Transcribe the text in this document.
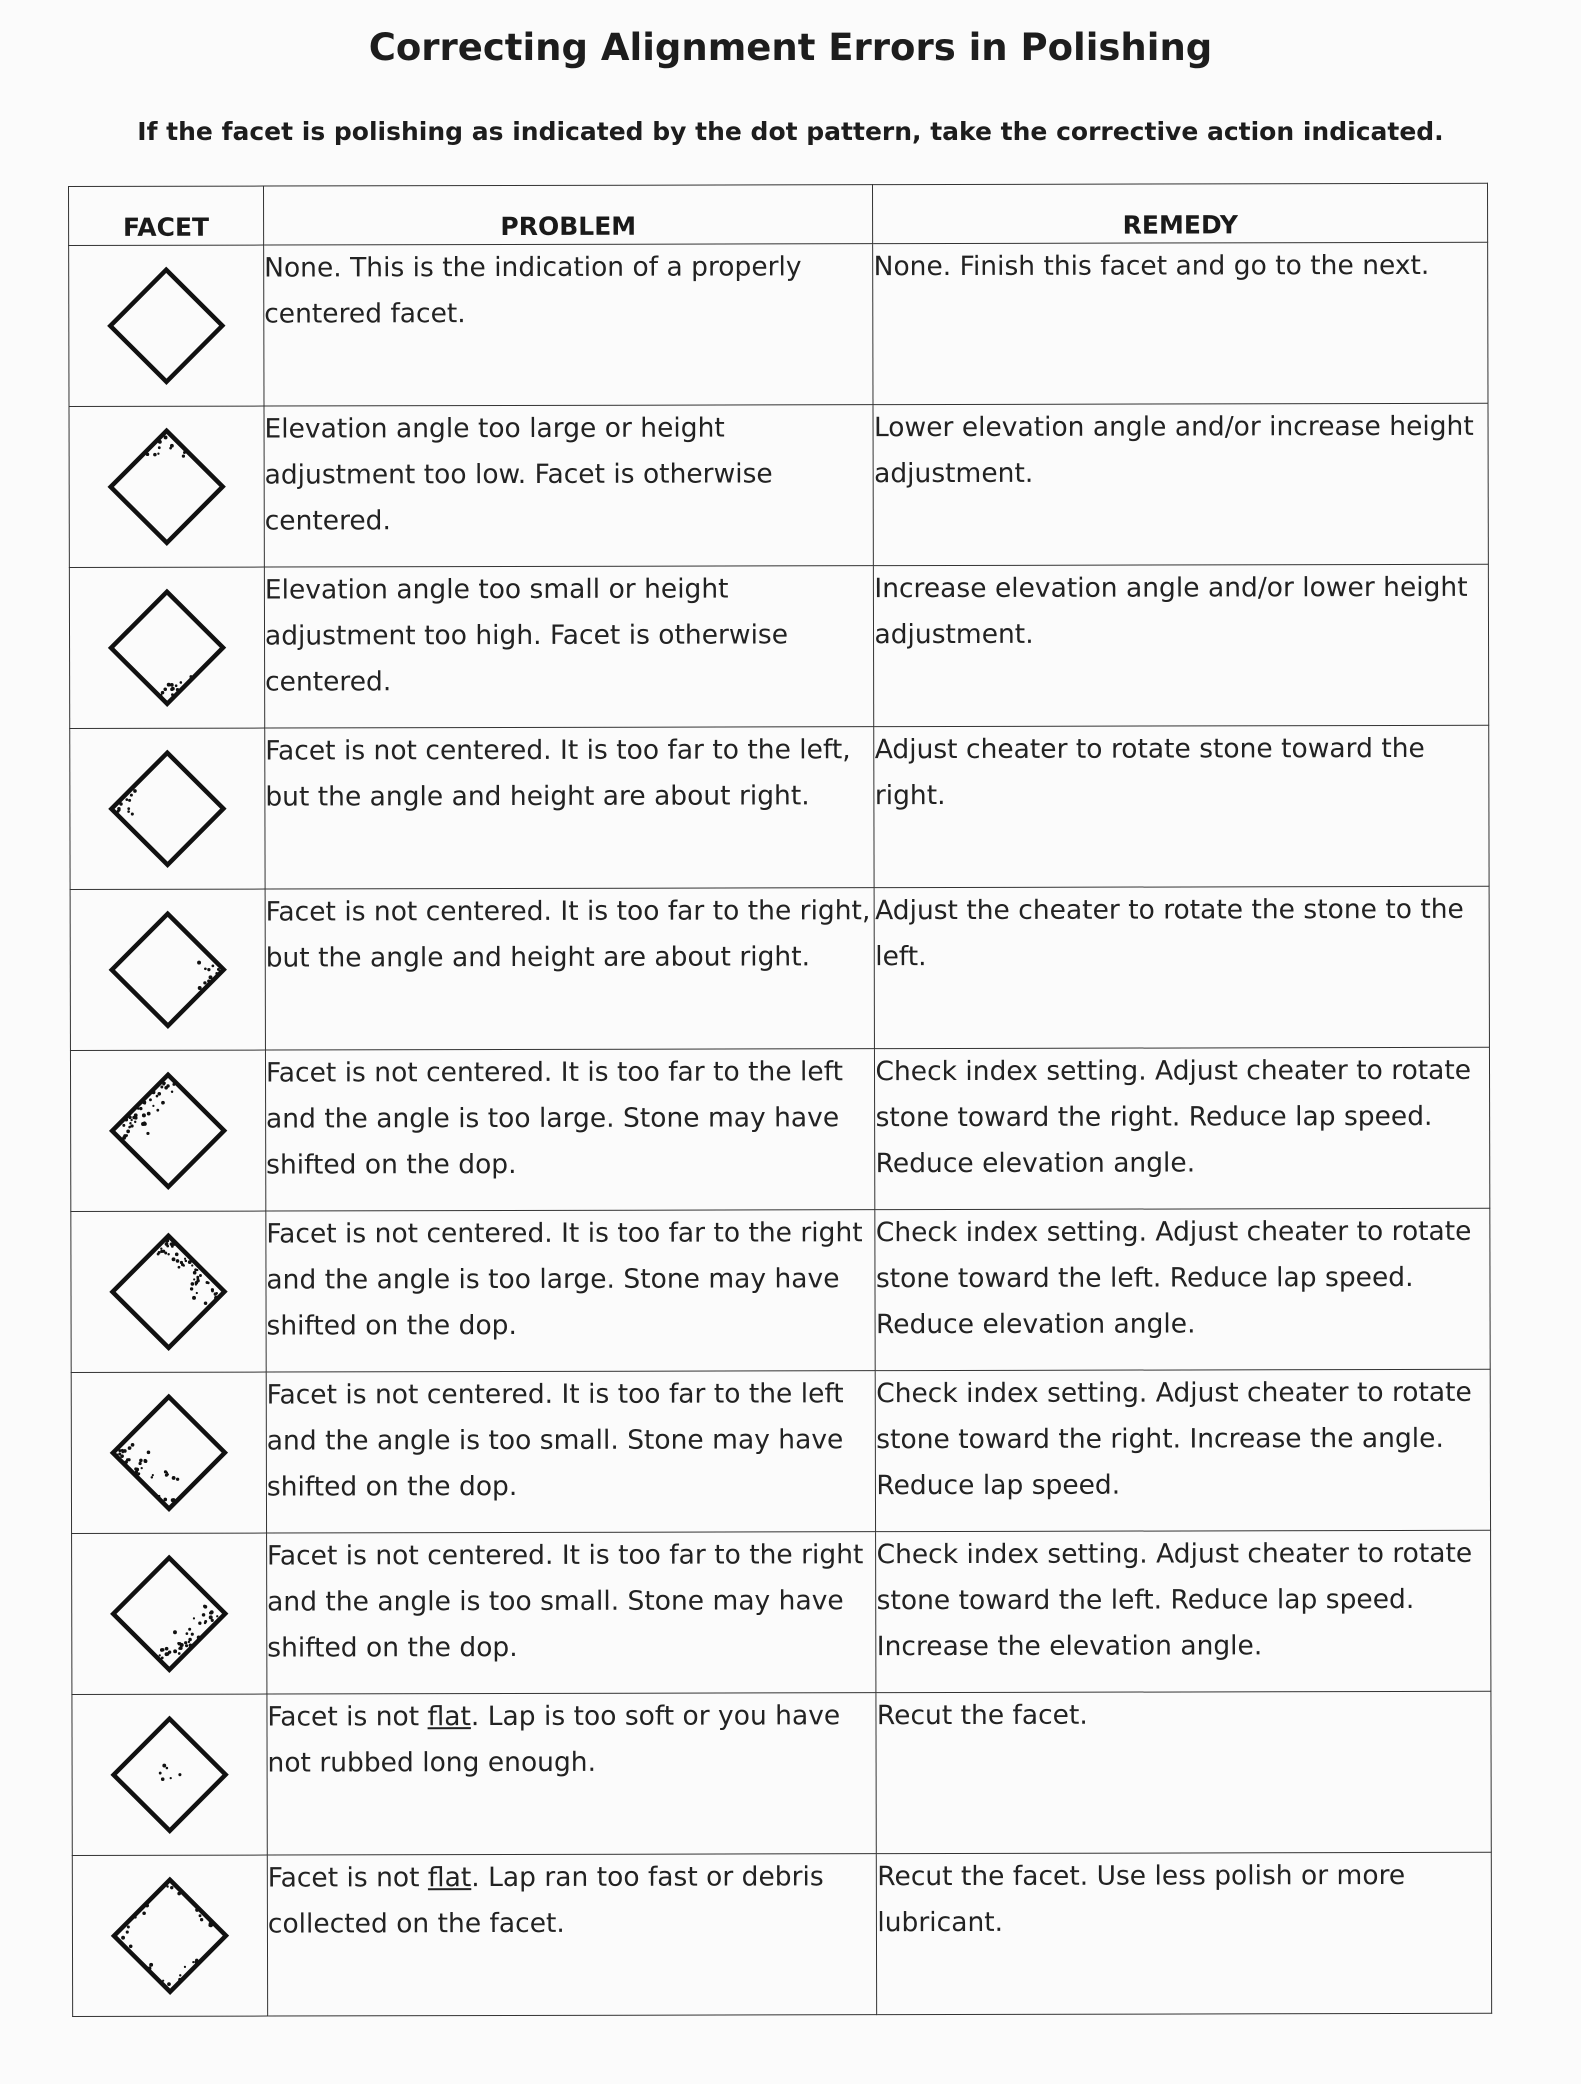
Correcting Alignment Errors in Polishing
If the facet is polishing as indicated by the dot pattern, take the corrective action indicated.
FACET	PROBLEM	REMEDY

None. This is the indication of a properly centered facet.	None. Finish this facet and go to the next.

Elevation angle too large or height adjustment too low. Facet is otherwise centered.	Lower elevation angle and/or increase height adjustment.

Elevation angle too small or height adjustment too high. Facet is otherwise centered.	Increase elevation angle and/or lower height adjustment.

Facet is not centered. It is too far to the left, but the angle and height are about right.	Adjust cheater to rotate stone toward the right.

Facet is not centered. It is too far to the right, but the angle and height are about right.	Adjust the cheater to rotate the stone to the left.

Facet is not centered. It is too far to the left and the angle is too large. Stone may have shifted on the dop.	Check index setting. Adjust cheater to rotate stone toward the right. Reduce lap speed. Reduce elevation angle.

Facet is not centered. It is too far to the right and the angle is too large. Stone may have shifted on the dop.	Check index setting. Adjust cheater to rotate stone toward the left. Reduce lap speed. Reduce elevation angle.

Facet is not centered. It is too far to the left and the angle is too small. Stone may have shifted on the dop.	Check index setting. Adjust cheater to rotate stone toward the right. Increase the angle. Reduce lap speed.

Facet is not centered. It is too far to the right and the angle is too small. Stone may have shifted on the dop.	Check index setting. Adjust cheater to rotate stone toward the left. Reduce lap speed. Increase the elevation angle.

Facet is not flat. Lap is too soft or you have not rubbed long enough.	Recut the facet.

Facet is not flat. Lap ran too fast or debris collected on the facet.	Recut the facet. Use less polish or more lubricant.
